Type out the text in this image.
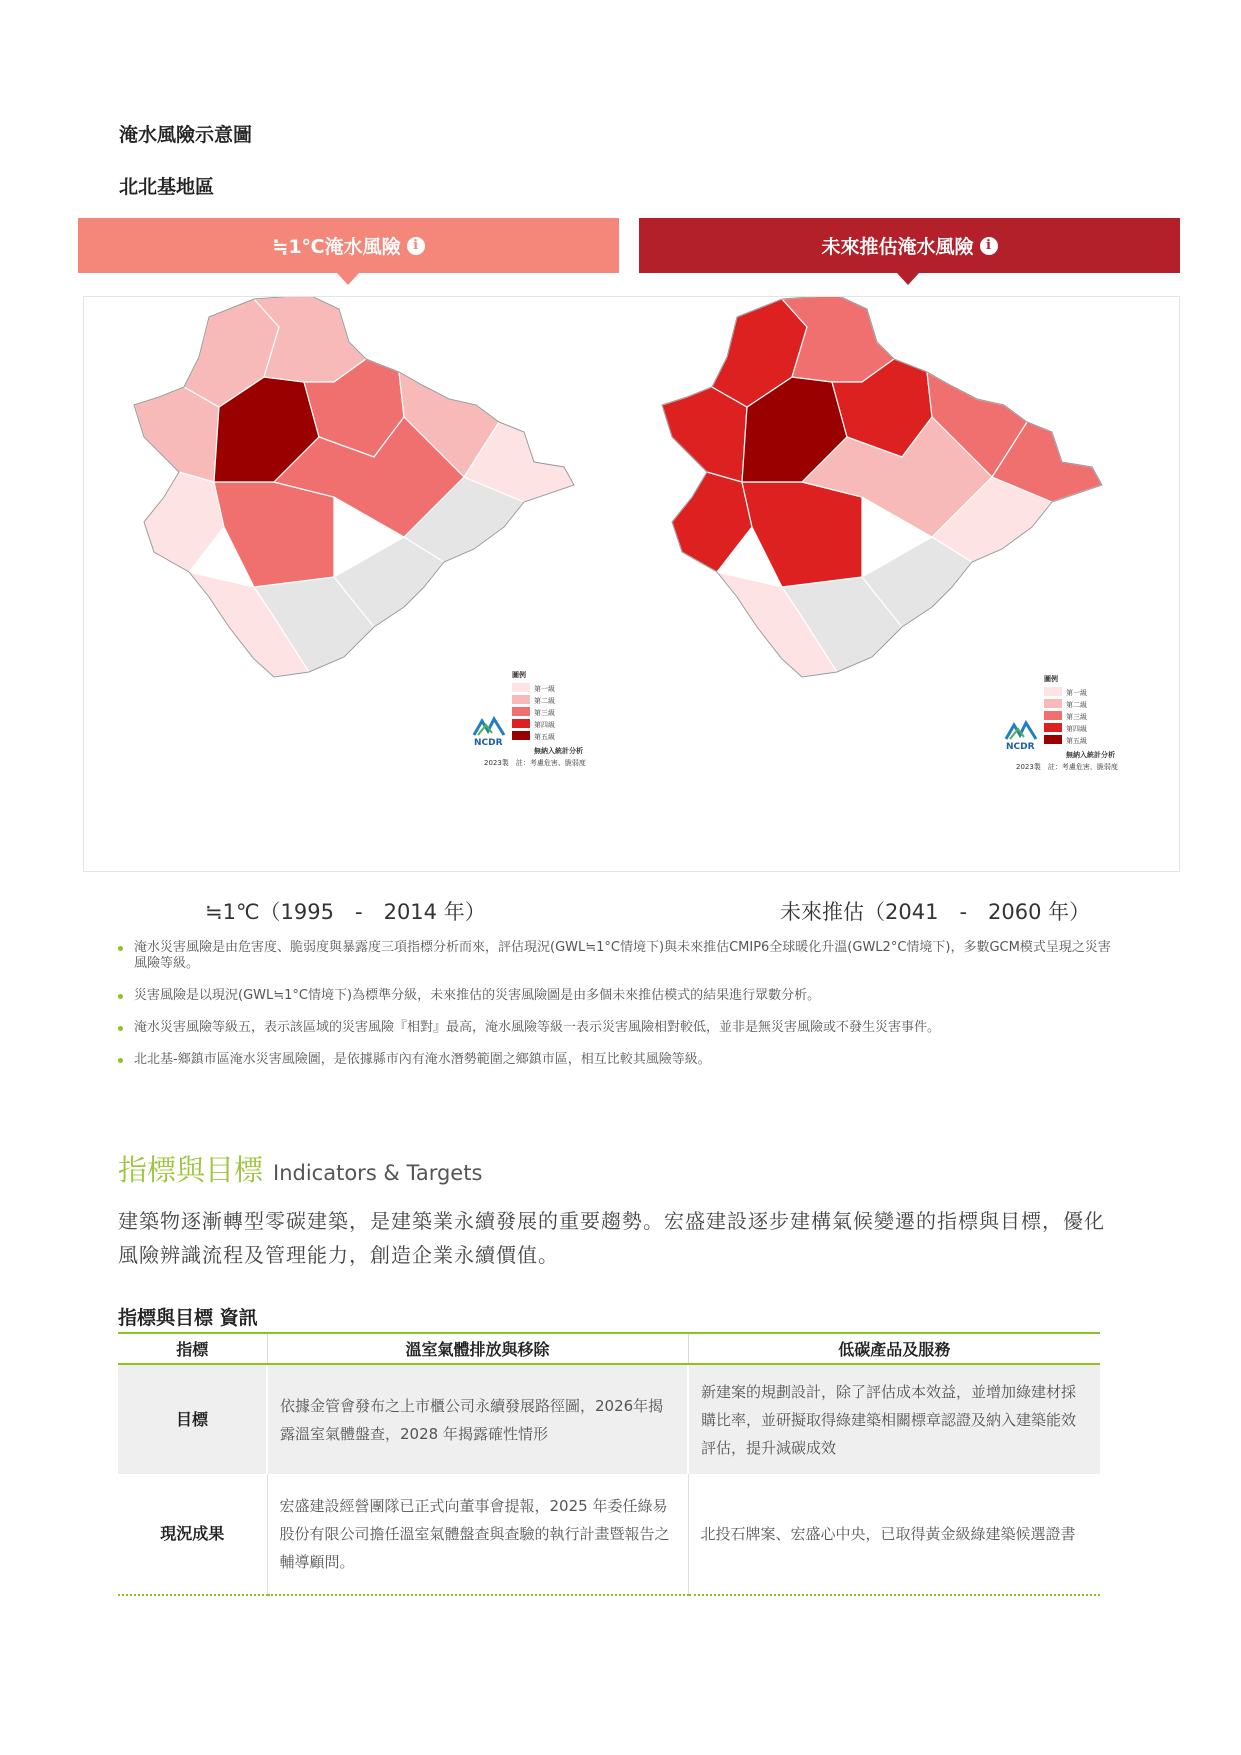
淹水風險示意圖
北北基地區
≒1℃淹水風險 i	未來推估淹水風險 i
圖例
第一級
第二級
第三級
第四級
第五級
無納入統計分析
2023製　註：考慮危害、脆弱度
NCDR
圖例
第一級
第二級
第三級
第四級
第五級
無納入統計分析
2023製　註：考慮危害、脆弱度
NCDR
≒1℃（1995　-　2014 年）	未來推估（2041　-　2060 年）
淹水災害風險是由危害度、脆弱度與暴露度三項指標分析而來，評估現況(GWL≒1°C情境下)與未來推估CMIP6全球暖化升溫(GWL2°C情境下)，多數GCM模式呈現之災害風險等級。
災害風險是以現況(GWL≒1°C情境下)為標準分級，未來推估的災害風險圖是由多個未來推估模式的結果進行眾數分析。
淹水災害風險等級五，表示該區域的災害風險『相對』最高，淹水風險等級一表示災害風險相對較低，並非是無災害風險或不發生災害事件。
北北基-鄉鎮市區淹水災害風險圖，是依據縣市內有淹水潛勢範圍之鄉鎮市區，相互比較其風險等級。
指標與目標 Indicators & Targets
建築物逐漸轉型零碳建築，是建築業永續發展的重要趨勢。宏盛建設逐步建構氣候變遷的指標與目標，優化風險辨識流程及管理能力，創造企業永續價值。
指標與目標 資訊
指標	溫室氣體排放與移除	低碳產品及服務
目標	依據金管會發布之上市櫃公司永續發展路徑圖，2026年揭露溫室氣體盤查，2028 年揭露確性情形	新建案的規劃設計，除了評估成本效益，並增加綠建材採購比率，並研擬取得綠建築相關標章認證及納入建築能效評估，提升減碳成效
現況成果	宏盛建設經營團隊已正式向董事會提報，2025 年委任綠易股份有限公司擔任溫室氣體盤查與查驗的執行計畫暨報告之輔導顧問。	北投石牌案、宏盛心中央，已取得黃金級綠建築候選證書
